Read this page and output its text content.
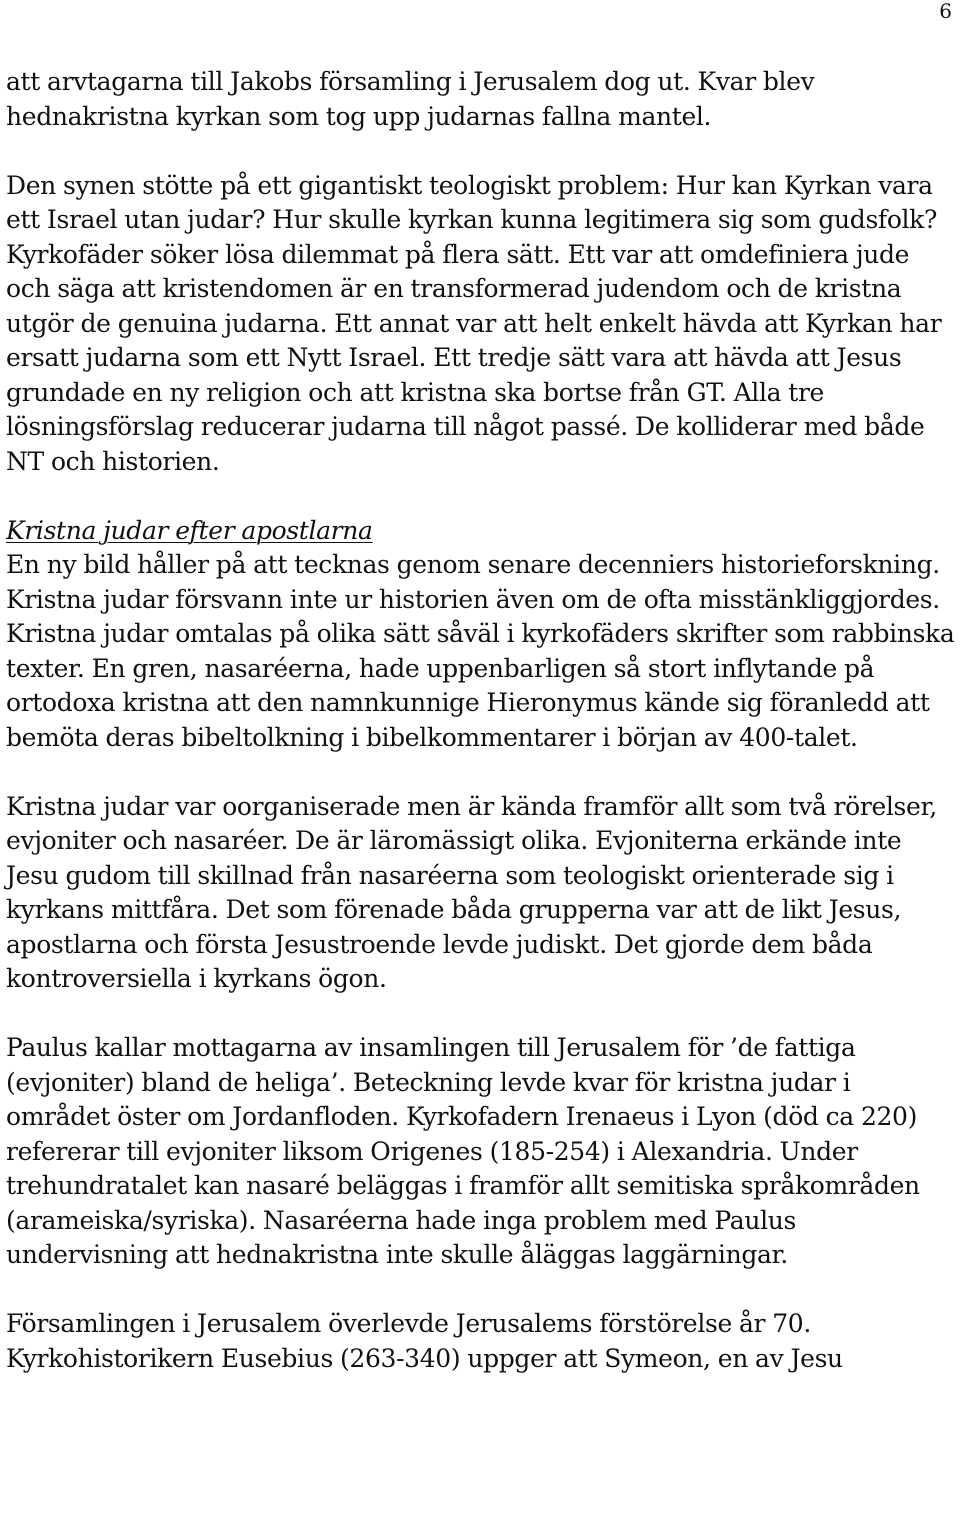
6

att arvtagarna till Jakobs församling i Jerusalem dog ut. Kvar blev hednakristna kyrkan som tog upp judarnas fallna mantel.

Den synen stötte på ett gigantiskt teologiskt problem: Hur kan Kyrkan vara ett Israel utan judar? Hur skulle kyrkan kunna legitimera sig som gudsfolk? Kyrkofäder söker lösa dilemmat på flera sätt. Ett var att omdefiniera jude och säga att kristendomen är en transformerad judendom och de kristna utgör de genuina judarna. Ett annat var att helt enkelt hävda att Kyrkan har ersatt judarna som ett Nytt Israel. Ett tredje sätt vara att hävda att Jesus grundade en ny religion och att kristna ska bortse från GT. Alla tre lösningsförslag reducerar judarna till något passé. De kolliderar med både NT och historien.

Kristna judar efter apostlarna

En ny bild håller på att tecknas genom senare decenniers historieforskning. Kristna judar försvann inte ur historien även om de ofta misstänkliggjordes. Kristna judar omtalas på olika sätt såväl i kyrkofäders skrifter som rabbinska texter. En gren, nasaréerna, hade uppenbarligen så stort inflytande på ortodoxa kristna att den namnkunnige Hieronymus kände sig föranledd att bemöta deras bibeltolkning i bibelkommentarer i början av 400-talet.

Kristna judar var oorganiserade men är kända framför allt som två rörelser, evjoniter och nasaréer. De är läromässigt olika. Evjoniterna erkände inte Jesu gudom till skillnad från nasaréerna som teologiskt orienterade sig i kyrkans mittfåra. Det som förenade båda grupperna var att de likt Jesus, apostlarna och första Jesustroende levde judiskt. Det gjorde dem båda kontroversiella i kyrkans ögon.

Paulus kallar mottagarna av insamlingen till Jerusalem för ’de fattiga (evjoniter) bland de heliga’. Beteckning levde kvar för kristna judar i området öster om Jordanfloden. Kyrkofadern Irenaeus i Lyon (död ca 220) refererar till evjoniter liksom Origenes (185-254) i Alexandria. Under trehundratalet kan nasaré beläggas i framför allt semitiska språkområden (arameiska/syriska). Nasaréerna hade inga problem med Paulus undervisning att hednakristna inte skulle åläggas laggärningar.

Församlingen i Jerusalem överlevde Jerusalems förstörelse år 70. Kyrkohistorikern Eusebius (263-340) uppger att Symeon, en av Jesu
